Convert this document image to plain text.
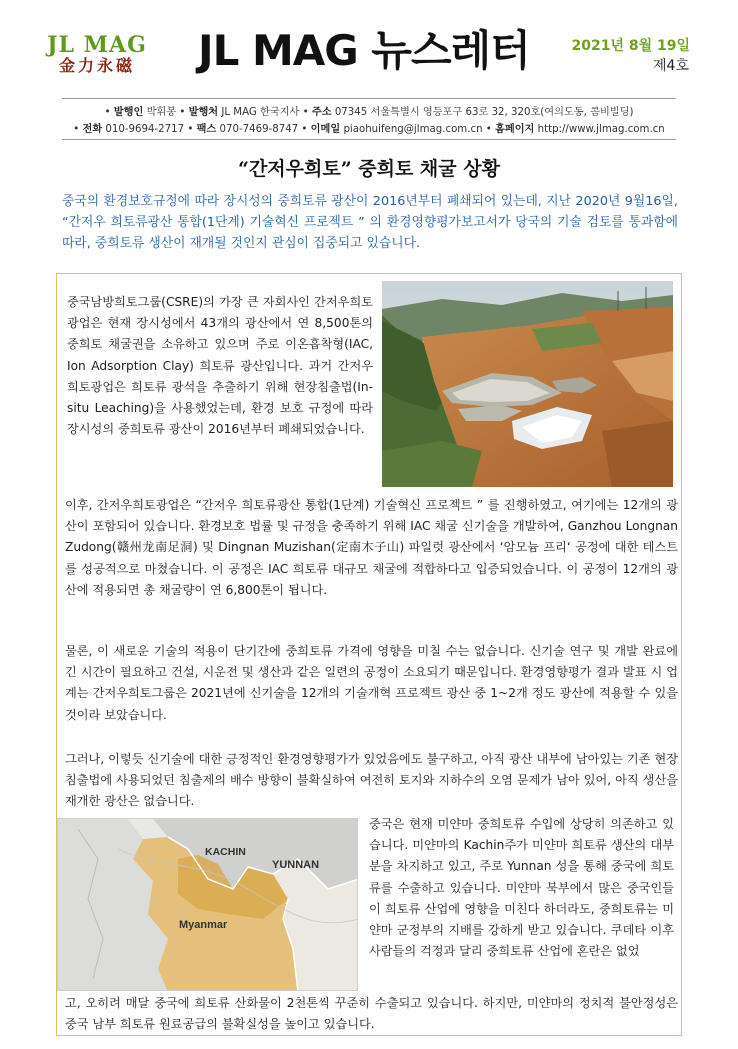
JL MAG
金力永磁	JL MAG 뉴스레터	2021년 8월 19일
제4호
• 발행인 박휘봉 • 발행처 JL MAG 한국지사 • 주소 07345 서울특별시 영등포구 63로 32, 320호(여의도동, 콤비빌딩)
• 전화 010-9694-2717 • 팩스 070-7469-8747 • 이메일 piaohuifeng@jlmag.com.cn • 홈페이지 http://www.jlmag.com.cn
“간저우희토” 중희토 채굴 상황
중국의 환경보호규정에 따라 장시성의 중희토류 광산이 2016년부터 폐쇄되어 있는데, 지난 2020년 9월16일, “간저우 희토류광산 통합(1단계) 기술혁신 프로젝트 ” 의 환경영향평가보고서가 당국의 기술 검토를 통과함에 따라, 중희토류 생산이 재개될 것인지 관심이 집중되고 있습니다.
중국남방희토그룹(CSRE)의 가장 큰 자회사인 간저우희토광업은 현재 장시성에서 43개의 광산에서 연 8,500톤의 중희토 채굴권을 소유하고 있으며 주로 이온흡착형(IAC, Ion Adsorption Clay) 희토류 광산입니다. 과거 간저우희토광업은 희토류 광석을 추출하기 위해 현장침출법(In-situ Leaching)을 사용했었는데, 환경 보호 규정에 따라 장시성의 중희토류 광산이 2016년부터 폐쇄되었습니다.
이후, 간저우희토광업은 “간저우 희토류광산 통합(1단계) 기술혁신 프로젝트 ” 를 진행하였고, 여기에는 12개의 광산이 포함되어 있습니다. 환경보호 법률 및 규정을 충족하기 위해 IAC 채굴 신기술을 개발하여, Ganzhou Longnan Zudong(赣州龙南足洞) 및 Dingnan Muzishan(定南木子山) 파일럿 광산에서 ‘암모늄 프리‘ 공정에 대한 테스트를 성공적으로 마쳤습니다. 이 공정은 IAC 희토류 대규모 채굴에 적합하다고 입증되었습니다. 이 공정이 12개의 광산에 적용되면 총 채굴량이 연 6,800톤이 됩니다.
물론, 이 새로운 기술의 적용이 단기간에 중희토류 가격에 영향을 미칠 수는 없습니다. 신기술 연구 및 개발 완료에 긴 시간이 필요하고 건설, 시운전 및 생산과 같은 일련의 공정이 소요되기 때문입니다. 환경영향평가 결과 발표 시 업계는 간저우희토그룹은 2021년에 신기술을 12개의 기술개혁 프로젝트 광산 중 1~2개 정도 광산에 적용할 수 있을 것이라 보았습니다.
그러나, 이렇듯 신기술에 대한 긍정적인 환경영향평가가 있었음에도 불구하고, 아직 광산 내부에 남아있는 기존 현장침출법에 사용되었던 침출제의 배수 방향이 불확실하여 여전히 토지와 지하수의 오염 문제가 남아 있어, 아직 생산을 재개한 광산은 없습니다.
KACHIN
YUNNAN
Myanmar
중국은 현재 미얀마 중희토류 수입에 상당히 의존하고 있습니다. 미얀마의 Kachin주가 미얀마 희토류 생산의 대부분을 차지하고 있고, 주로 Yunnan 성을 통해 중국에 희토류를 수출하고 있습니다. 미얀마 북부에서 많은 중국인들이 희토류 산업에 영향을 미친다 하더라도, 중희토류는 미얀마 군정부의 지배를 강하게 받고 있습니다. 쿠데타 이후 사람들의 걱정과 달리 중희토류 산업에 혼란은 없었
고, 오히려 매달 중국에 희토류 산화물이 2천톤씩 꾸준히 수출되고 있습니다. 하지만, 미얀마의 정치적 불안정성은 중국 남부 희토류 원료공급의 불확실성을 높이고 있습니다.
